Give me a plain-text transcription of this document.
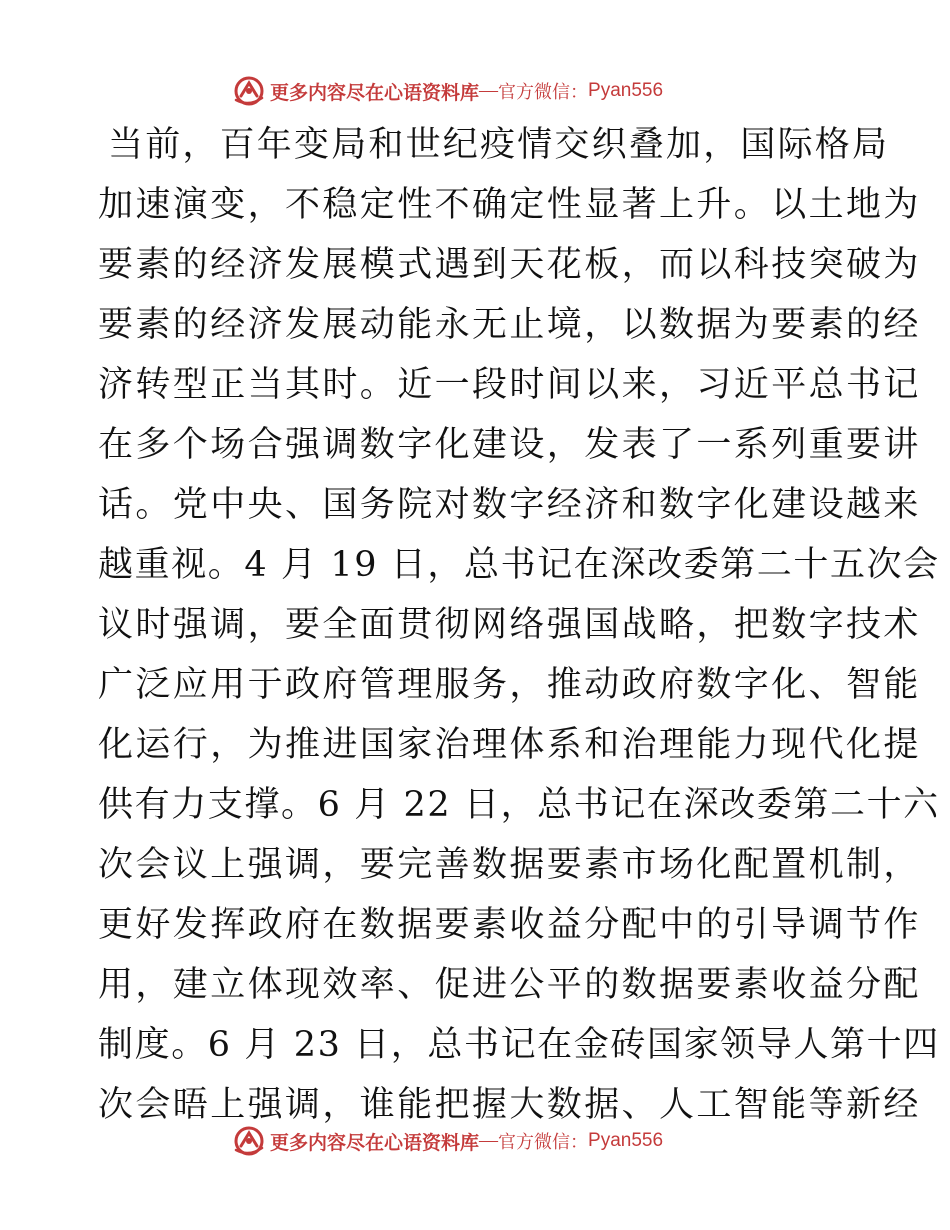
更多内容尽在心语资料库 — 官方微信： Pyan556
当前，百年变局和世纪疫情交织叠加，国际格局
加速演变，不稳定性不确定性显著上升。以土地为
要素的经济发展模式遇到天花板，而以科技突破为
要素的经济发展动能永无止境，以数据为要素的经
济转型正当其时。近一段时间以来，习近平总书记
在多个场合强调数字化建设，发表了一系列重要讲
话。党中央、国务院对数字经济和数字化建设越来
越重视。4 月 19 日，总书记在深改委第二十五次会
议时强调，要全面贯彻网络强国战略，把数字技术
广泛应用于政府管理服务，推动政府数字化、智能
化运行，为推进国家治理体系和治理能力现代化提
供有力支撑。6 月 22 日，总书记在深改委第二十六
次会议上强调，要完善数据要素市场化配置机制，
更好发挥政府在数据要素收益分配中的引导调节作
用，建立体现效率、促进公平的数据要素收益分配
制度。6 月 23 日，总书记在金砖国家领导人第十四
次会晤上强调，谁能把握大数据、人工智能等新经
更多内容尽在心语资料库 — 官方微信： Pyan556
